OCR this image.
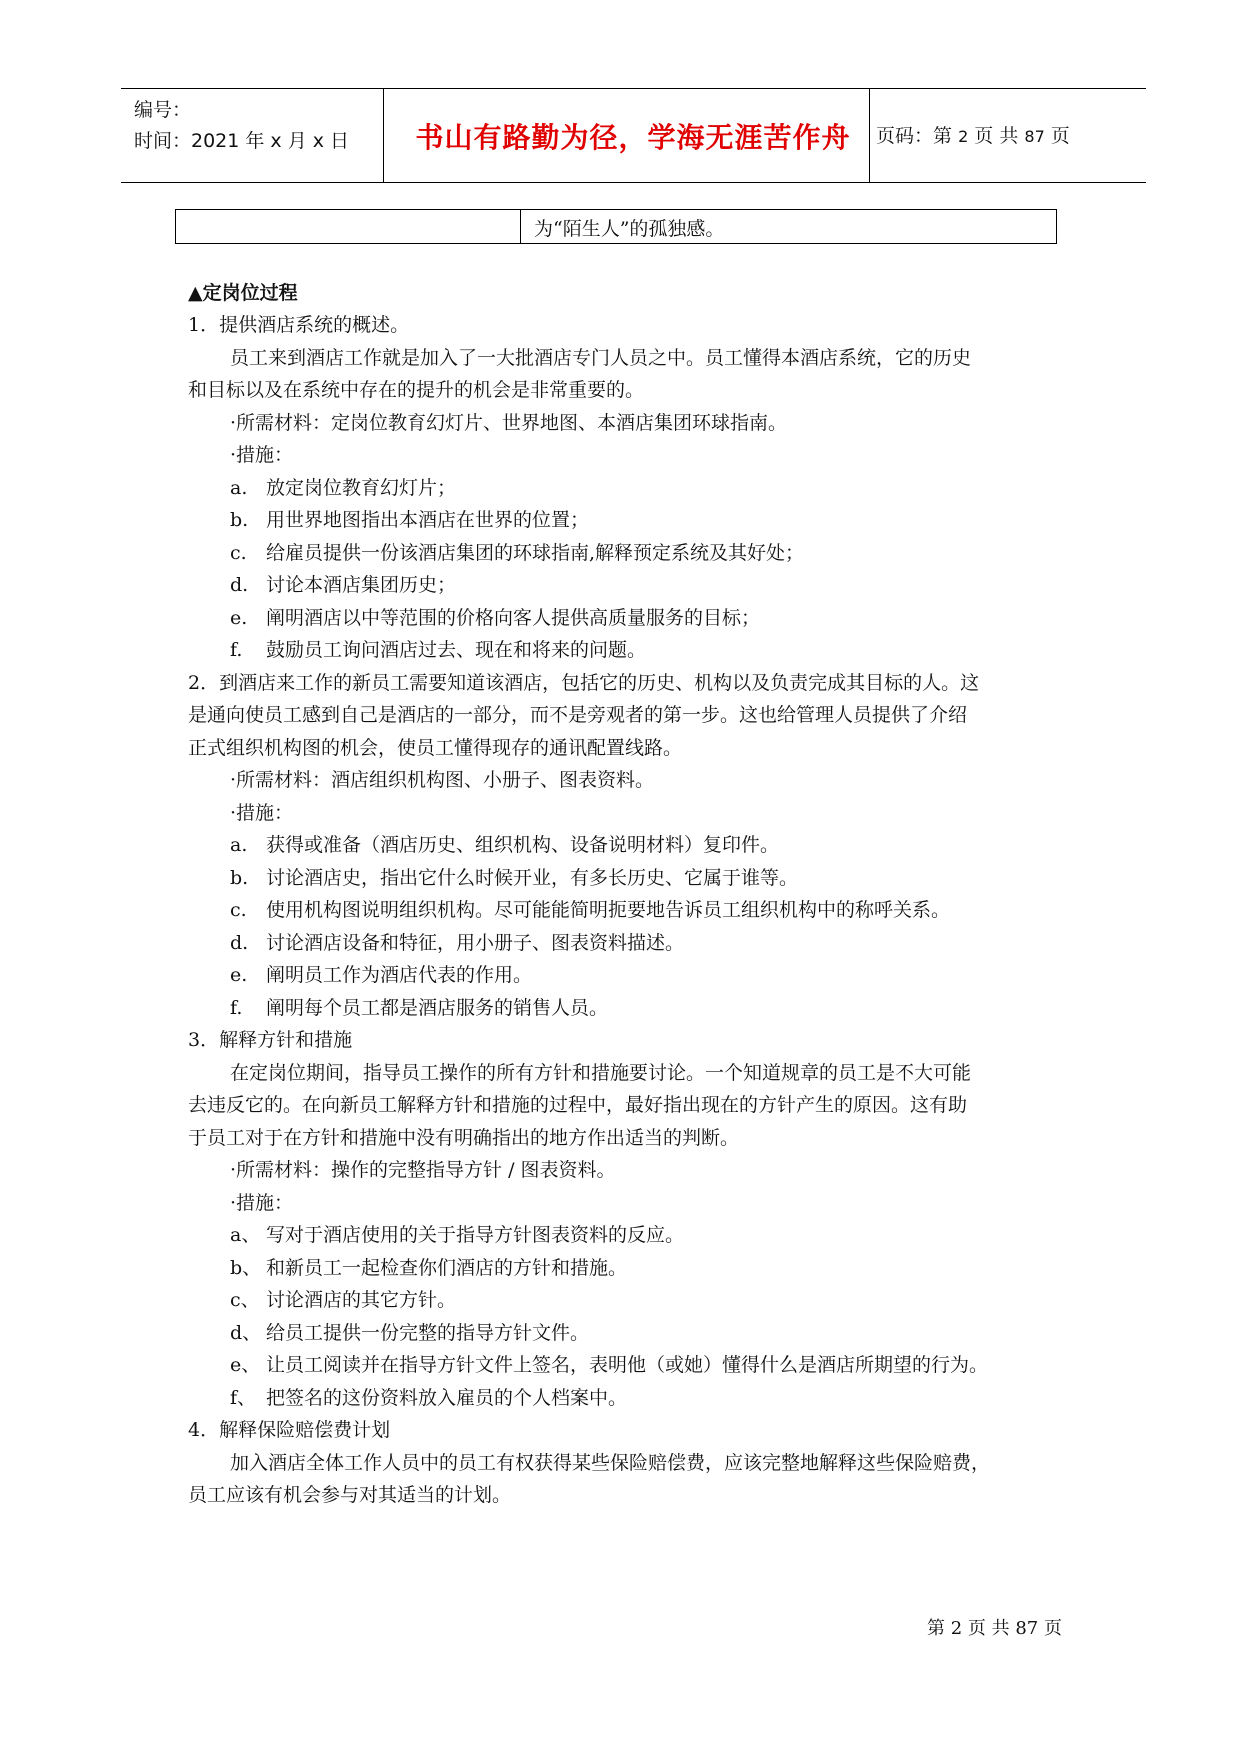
编号：
时间：2021 年 x 月 x 日	书山有路勤为径，学海无涯苦作舟	页码：第 2 页 共 87 页
为“陌生人”的孤独感。
▲定岗位过程
1．提供酒店系统的概述。
员工来到酒店工作就是加入了一大批酒店专门人员之中。员工懂得本酒店系统，它的历史
和目标以及在系统中存在的提升的机会是非常重要的。
·所需材料：定岗位教育幻灯片、世界地图、本酒店集团环球指南。
·措施：
a. 放定岗位教育幻灯片；
b. 用世界地图指出本酒店在世界的位置；
c. 给雇员提供一份该酒店集团的环球指南,解释预定系统及其好处；
d. 讨论本酒店集团历史；
e. 阐明酒店以中等范围的价格向客人提供高质量服务的目标；
f. 鼓励员工询问酒店过去、现在和将来的问题。
2．到酒店来工作的新员工需要知道该酒店，包括它的历史、机构以及负责完成其目标的人。这
是通向使员工感到自己是酒店的一部分，而不是旁观者的第一步。这也给管理人员提供了介绍
正式组织机构图的机会，使员工懂得现存的通讯配置线路。
·所需材料：酒店组织机构图、小册子、图表资料。
·措施：
a. 获得或准备（酒店历史、组织机构、设备说明材料）复印件。
b. 讨论酒店史，指出它什么时候开业，有多长历史、它属于谁等。
c. 使用机构图说明组织机构。尽可能能简明扼要地告诉员工组织机构中的称呼关系。
d. 讨论酒店设备和特征，用小册子、图表资料描述。
e. 阐明员工作为酒店代表的作用。
f. 阐明每个员工都是酒店服务的销售人员。
3．解释方针和措施
在定岗位期间，指导员工操作的所有方针和措施要讨论。一个知道规章的员工是不大可能
去违反它的。在向新员工解释方针和措施的过程中，最好指出现在的方针产生的原因。这有助
于员工对于在方针和措施中没有明确指出的地方作出适当的判断。
·所需材料：操作的完整指导方针 / 图表资料。
·措施：
a、 写对于酒店使用的关于指导方针图表资料的反应。
b、 和新员工一起检查你们酒店的方针和措施。
c、 讨论酒店的其它方针。
d、 给员工提供一份完整的指导方针文件。
e、 让员工阅读并在指导方针文件上签名，表明他（或她）懂得什么是酒店所期望的行为。
f、 把签名的这份资料放入雇员的个人档案中。
4．解释保险赔偿费计划
加入酒店全体工作人员中的员工有权获得某些保险赔偿费，应该完整地解释这些保险赔费，
员工应该有机会参与对其适当的计划。
第 2 页 共 87 页
